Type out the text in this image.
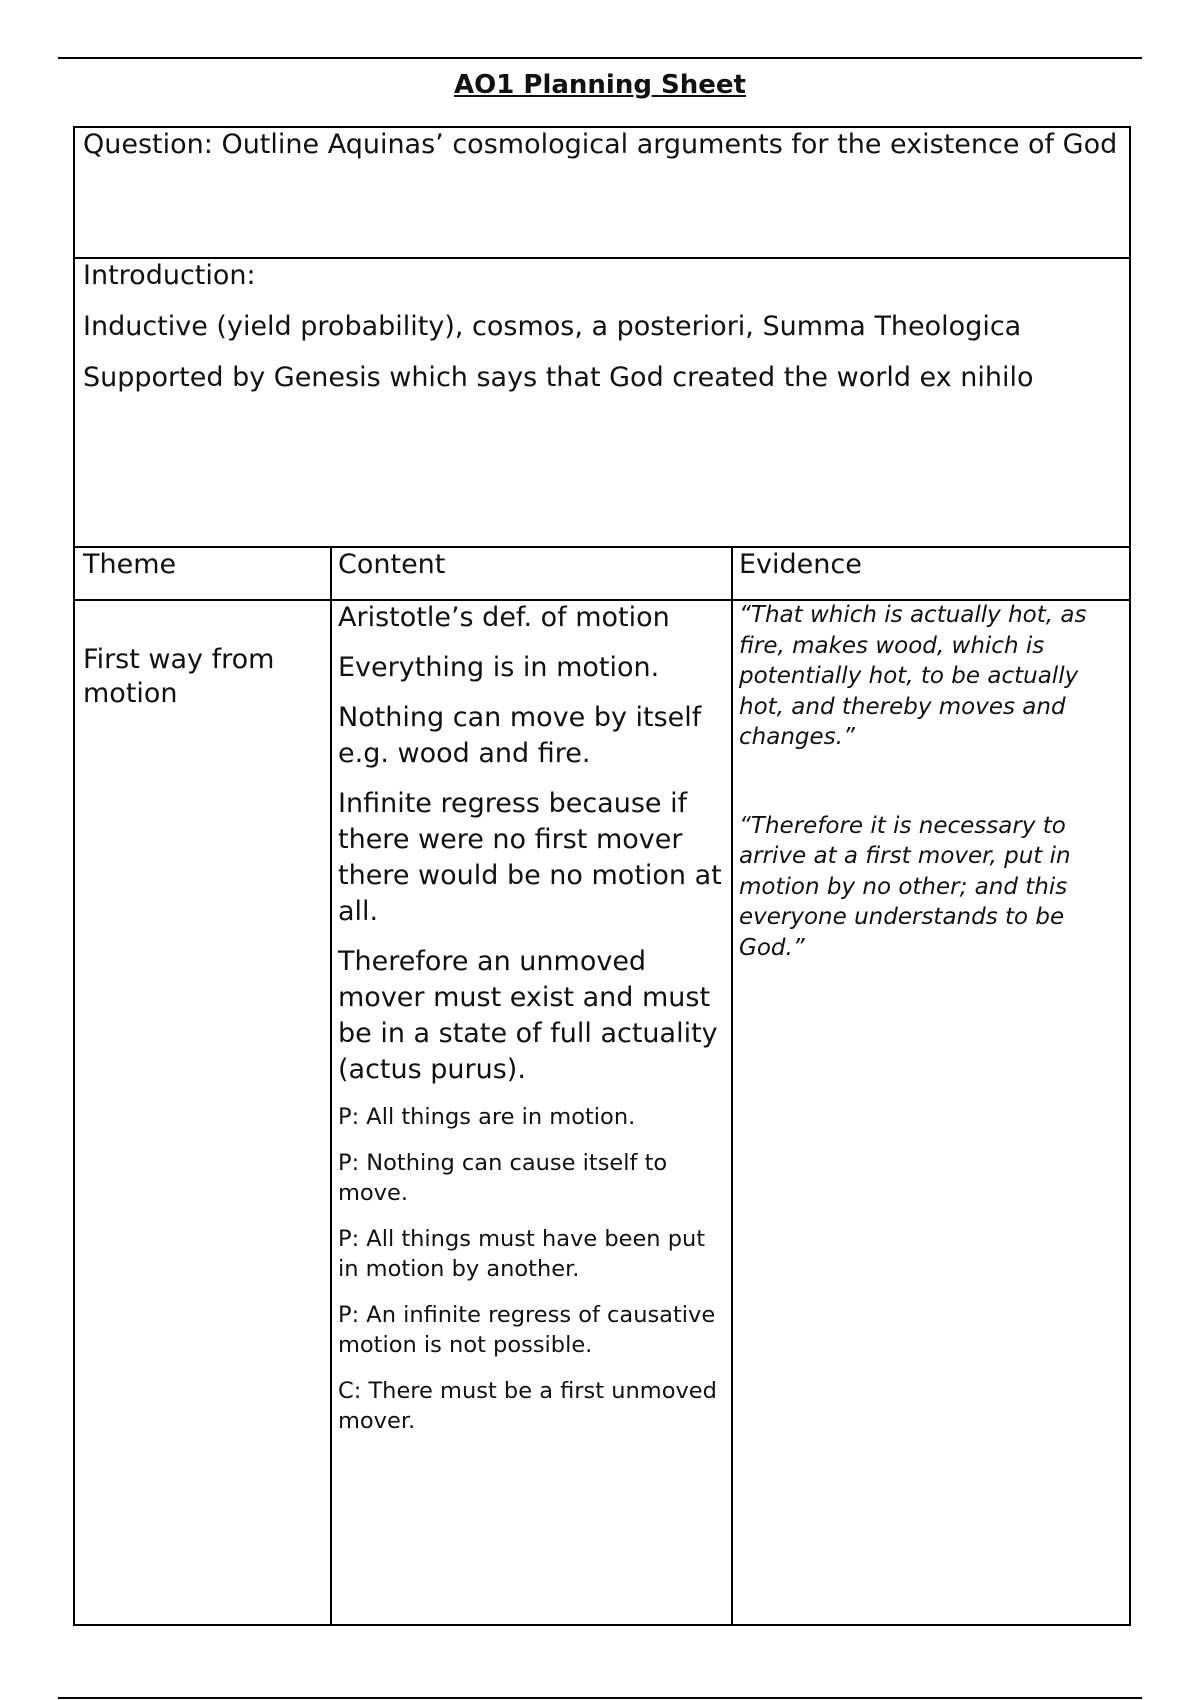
AO1 Planning Sheet
Question: Outline Aquinas’ cosmological arguments for the existence of God
Introduction:
Inductive (yield probability), cosmos, a posteriori, Summa Theologica
Supported by Genesis which says that God created the world ex nihilo
Theme	Content	Evidence
First way from motion

Aristotle’s def. of motion

Everything is in motion.

Nothing can move by itself e.g. wood and fire.

Infinite regress because if there were no first mover there would be no motion at all.

Therefore an unmoved mover must exist and must be in a state of full actuality (actus purus).

P: All things are in motion.

P: Nothing can cause itself to move.

P: All things must have been put in motion by another.

P: An infinite regress of causative motion is not possible.

C: There must be a first unmoved mover.

“That which is actually hot, as fire, makes wood, which is potentially hot, to be actually hot, and thereby moves and changes.”

“Therefore it is necessary to arrive at a first mover, put in motion by no other; and this everyone understands to be God.”
